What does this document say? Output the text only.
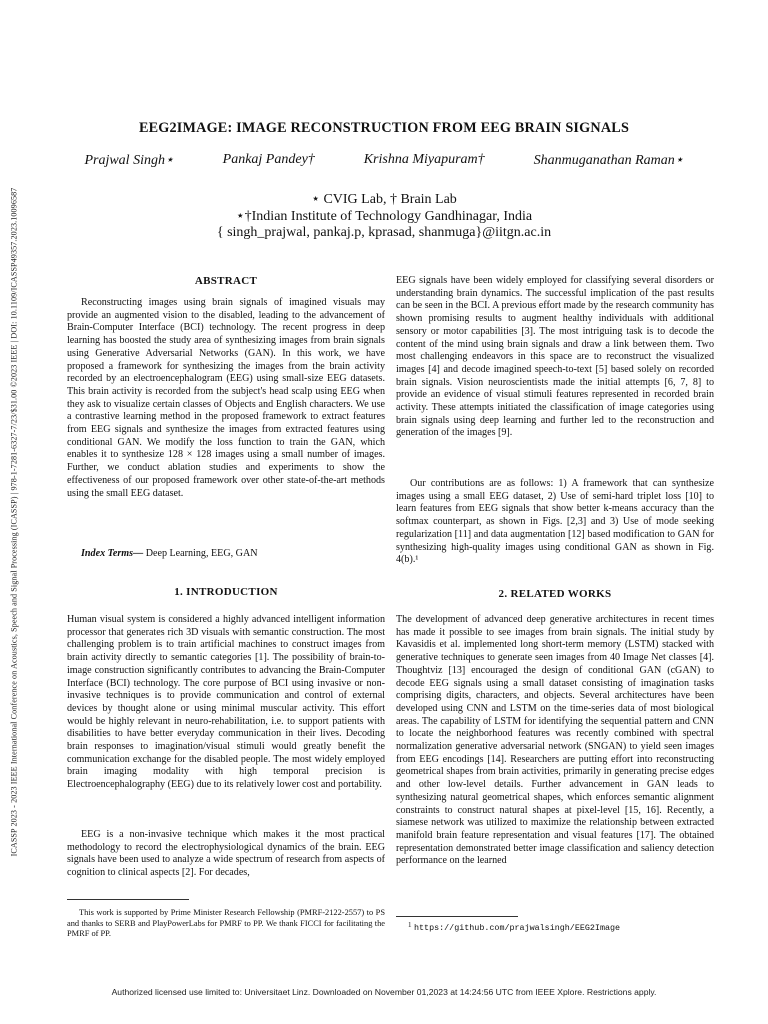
ICASSP 2023 - 2023 IEEE International Conference on Acoustics, Speech and Signal Processing (ICASSP) | 978-1-7281-6327-7/23/$31.00 ©2023 IEEE | DOI: 10.1109/ICASSP49357.2023.10096587
EEG2IMAGE: IMAGE RECONSTRUCTION FROM EEG BRAIN SIGNALS
Prajwal Singh⋆	Pankaj Pandey†	Krishna Miyapuram†	Shanmuganathan Raman⋆
⋆ CVIG Lab, † Brain Lab
⋆†Indian Institute of Technology Gandhinagar, India
{ singh_prajwal, pankaj.p, kprasad, shanmuga}@iitgn.ac.in
ABSTRACT
Reconstructing images using brain signals of imagined visuals may provide an augmented vision to the disabled, leading to the advancement of Brain-Computer Interface (BCI) technology. The recent progress in deep learning has boosted the study area of synthesizing images from brain signals using Generative Adversarial Networks (GAN). In this work, we have proposed a framework for synthesizing the images from the brain activity recorded by an electroencephalogram (EEG) using small-size EEG datasets. This brain activity is recorded from the subject's head scalp using EEG when they ask to visualize certain classes of Objects and English characters. We use a contrastive learning method in the proposed framework to extract features from EEG signals and synthesize the images from extracted features using conditional GAN. We modify the loss function to train the GAN, which enables it to synthesize 128 × 128 images using a small number of images. Further, we conduct ablation studies and experiments to show the effectiveness of our proposed framework over other state-of-the-art methods using the small EEG dataset.
Index Terms— Deep Learning, EEG, GAN
1. INTRODUCTION
Human visual system is considered a highly advanced intelligent information processor that generates rich 3D visuals with semantic construction. The most challenging problem is to train artificial machines to construct images from brain activity directly to semantic categories [1]. The possibility of brain-to-image construction significantly contributes to advancing the Brain-Computer Interface (BCI) technology. The core purpose of BCI using invasive or non-invasive techniques is to provide communication and control of external devices by thought alone or using minimal muscular activity. This effort would be highly relevant in neuro-rehabilitation, i.e. to support patients with disabilities to have better everyday communication in their lives. Decoding brain responses to imagination/visual stimuli would greatly benefit the communication exchange for the disabled people. The most widely employed brain imaging modality with high temporal precision is Electroencephalography (EEG) due to its relatively lower cost and portability.
EEG is a non-invasive technique which makes it the most practical methodology to record the electrophysiological dynamics of the brain. EEG signals have been used to analyze a wide spectrum of research from aspects of cognition to clinical aspects [2]. For decades,
This work is supported by Prime Minister Research Fellowship (PMRF-2122-2557) to PS and thanks to SERB and PlayPowerLabs for PMRF to PP. We thank FICCI for facilitating the PMRF of PP.
EEG signals have been widely employed for classifying several disorders or understanding brain dynamics. The successful implication of the past results can be seen in the BCI. A previous effort made by the research community has shown promising results to augment healthy individuals with additional sensory or motor capabilities [3]. The most intriguing task is to decode the content of the mind using brain signals and draw a link between them. Two most challenging endeavors in this space are to reconstruct the visualized images [4] and decode imagined speech-to-text [5] based solely on recorded brain signals. Vision neuroscientists made the initial attempts [6, 7, 8] to provide an evidence of visual stimuli features represented in recorded brain activity. These attempts initiated the classification of image categories using brain signals using deep learning and further led to the reconstruction and generation of the images [9].
Our contributions are as follows: 1) A framework that can synthesize images using a small EEG dataset, 2) Use of semi-hard triplet loss [10] to learn features from EEG signals that show better k-means accuracy than the softmax counterpart, as shown in Figs. [2,3] and 3) Use of mode seeking regularization [11] and data augmentation [12] based modification to GAN for synthesizing high-quality images using conditional GAN as shown in Fig. 4(b).¹
2. RELATED WORKS
The development of advanced deep generative architectures in recent times has made it possible to see images from brain signals. The initial study by Kavasidis et al. implemented long short-term memory (LSTM) stacked with generative techniques to generate seen images from 40 Image Net classes [4]. Thoughtviz [13] encouraged the design of conditional GAN (cGAN) to decode EEG signals using a small dataset consisting of imagination tasks comprising digits, characters, and objects. Several architectures have been developed using CNN and LSTM on the time-series data of most biological areas. The capability of LSTM for identifying the sequential pattern and CNN to locate the neighborhood features was recently combined with spectral normalization generative adversarial network (SNGAN) to yield seen images from EEG encodings [14]. Researchers are putting effort into reconstructing geometrical shapes from brain activities, primarily in generating precise edges and other low-level details. Further advancement in GAN leads to synthesizing natural geometrical shapes, which enforces semantic alignment constraints to construct natural shapes at pixel-level [15, 16]. Recently, a siamese network was utilized to maximize the relationship between extracted manifold brain feature representation and visual features [17]. The obtained representation demonstrated better image classification and saliency detection performance on the learned
1 https://github.com/prajwalsingh/EEG2Image
Authorized licensed use limited to: Universitaet Linz. Downloaded on November 01,2023 at 14:24:56 UTC from IEEE Xplore. Restrictions apply.
